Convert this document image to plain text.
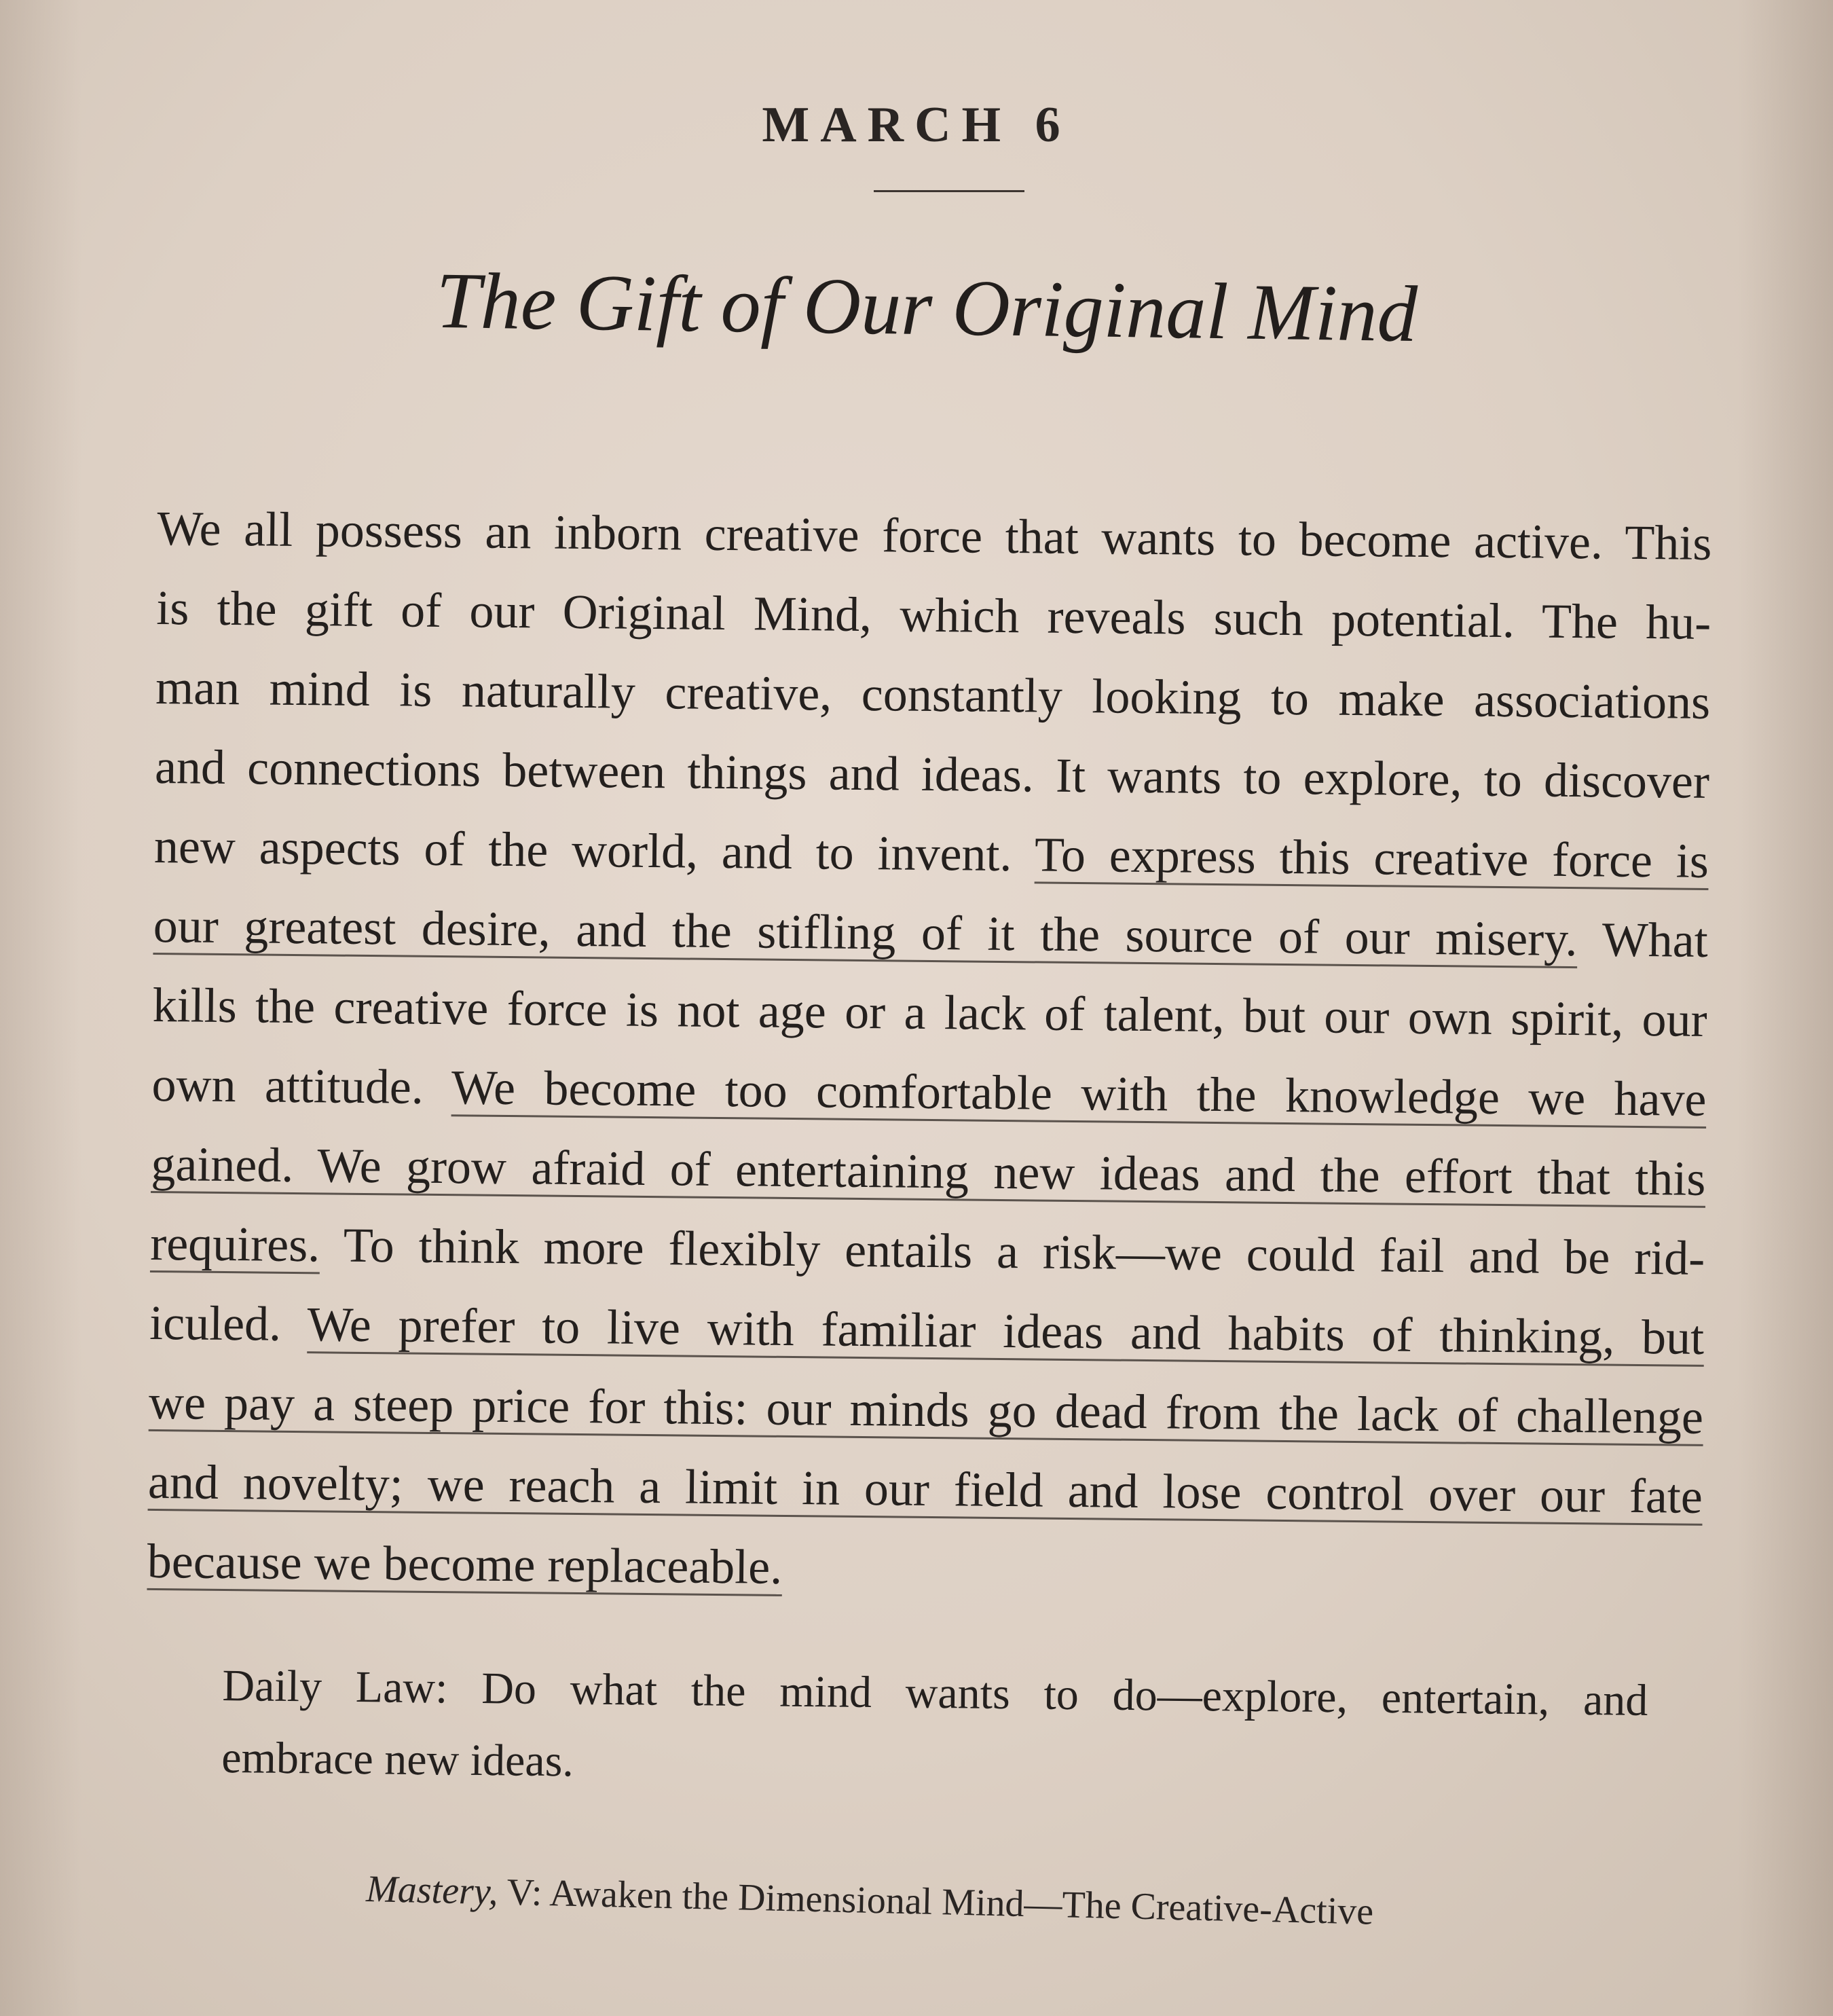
MARCH 6
The Gift of Our Original Mind
We all possess an inborn creative force that wants to become active. This
is the gift of our Original Mind, which reveals such potential. The hu-
man mind is naturally creative, constantly looking to make associations
and connections between things and ideas. It wants to explore, to discover
new aspects of the world, and to invent. To express this creative force is
our greatest desire, and the stifling of it the source of our misery. What
kills the creative force is not age or a lack of talent, but our own spirit, our
own attitude. We become too comfortable with the knowledge we have
gained. We grow afraid of entertaining new ideas and the effort that this
requires. To think more flexibly entails a risk—we could fail and be rid-
iculed. We prefer to live with familiar ideas and habits of thinking, but
we pay a steep price for this: our minds go dead from the lack of challenge
and novelty; we reach a limit in our field and lose control over our fate
because we become replaceable.
Daily Law: Do what the mind wants to do—explore, entertain, and
embrace new ideas.
Mastery, V: Awaken the Dimensional Mind—The Creative-Active
